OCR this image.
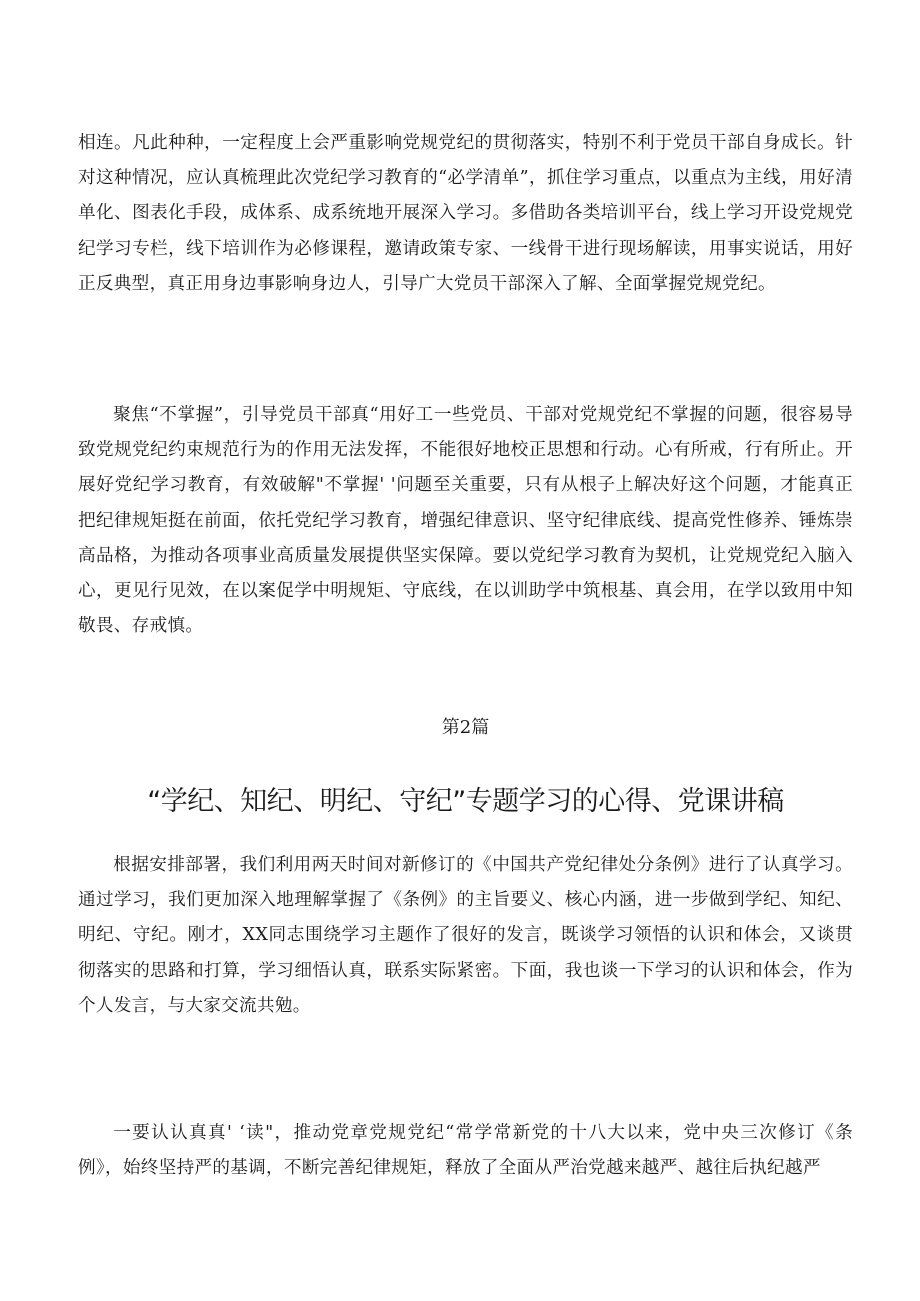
相连。凡此种种，一定程度上会严重影响党规党纪的贯彻落实，特别不利于党员干部自身成长。针对这种情况，应认真梳理此次党纪学习教育的“必学清单”，抓住学习重点，以重点为主线，用好清单化、图表化手段，成体系、成系统地开展深入学习。多借助各类培训平台，线上学习开设党规党纪学习专栏，线下培训作为必修课程，邀请政策专家、一线骨干进行现场解读，用事实说话，用好正反典型，真正用身边事影响身边人，引导广大党员干部深入了解、全面掌握党规党纪。

聚焦“不掌握”，引导党员干部真“用好工一些党员、干部对党规党纪不掌握的问题，很容易导致党规党纪约束规范行为的作用无法发挥，不能很好地校正思想和行动。心有所戒，行有所止。开展好党纪学习教育，有效破解"不掌握' '问题至关重要，只有从根子上解决好这个问题，才能真正把纪律规矩挺在前面，依托党纪学习教育，增强纪律意识、坚守纪律底线、提高党性修养、锤炼崇高品格，为推动各项事业高质量发展提供坚实保障。要以党纪学习教育为契机，让党规党纪入脑入心，更见行见效，在以案促学中明规矩、守底线，在以训助学中筑根基、真会用，在学以致用中知敬畏、存戒慎。

第2篇
“学纪、知纪、明纪、守纪”专题学习的心得、党课讲稿

根据安排部署，我们利用两天时间对新修订的《中国共产党纪律处分条例》进行了认真学习。通过学习，我们更加深入地理解掌握了《条例》的主旨要义、核心内涵，进一步做到学纪、知纪、明纪、守纪。刚才，XX同志围绕学习主题作了很好的发言，既谈学习领悟的认识和体会，又谈贯彻落实的思路和打算，学习细悟认真，联系实际紧密。下面，我也谈一下学习的认识和体会，作为个人发言，与大家交流共勉。

一要认认真真' ‘读"，推动党章党规党纪“常学常新党的十八大以来，党中央三次修订《条例》，始终坚持严的基调，不断完善纪律规矩，释放了全面从严治党越来越严、越往后执纪越严
